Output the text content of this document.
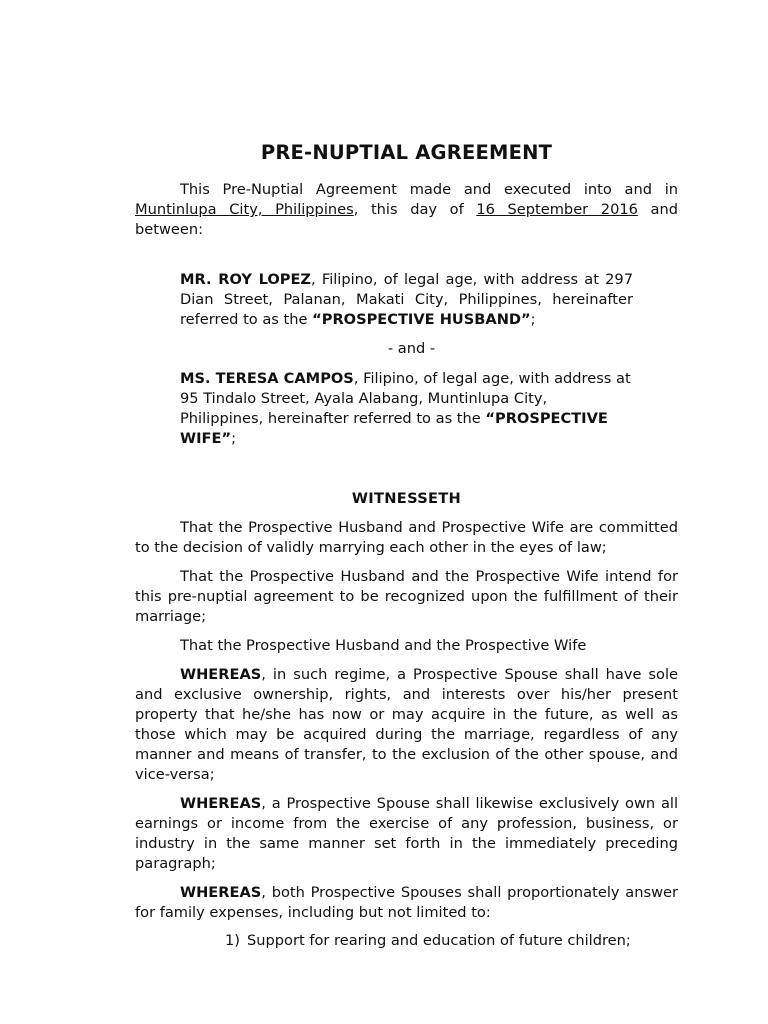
PRE-NUPTIAL AGREEMENT

This Pre-Nuptial Agreement made and executed into and in Muntinlupa City, Philippines, this day of 16 September 2016 and between:

MR. ROY LOPEZ, Filipino, of legal age, with address at 297 Dian Street, Palanan, Makati City, Philippines, hereinafter referred to as the “PROSPECTIVE HUSBAND”;

- and -

MS. TERESA CAMPOS, Filipino, of legal age, with address at 95 Tindalo Street, Ayala Alabang, Muntinlupa City, Philippines, hereinafter referred to as the “PROSPECTIVE WIFE”;

WITNESSETH

That the Prospective Husband and Prospective Wife are committed to the decision of validly marrying each other in the eyes of law;

That the Prospective Husband and the Prospective Wife intend for this pre-nuptial agreement to be recognized upon the fulfillment of their marriage;

That the Prospective Husband and the Prospective Wife

WHEREAS, in such regime, a Prospective Spouse shall have sole and exclusive ownership, rights, and interests over his/her present property that he/she has now or may acquire in the future, as well as those which may be acquired during the marriage, regardless of any manner and means of transfer, to the exclusion of the other spouse, and vice-versa;

WHEREAS, a Prospective Spouse shall likewise exclusively own all earnings or income from the exercise of any profession, business, or industry in the same manner set forth in the immediately preceding paragraph;

WHEREAS, both Prospective Spouses shall proportionately answer for family expenses, including but not limited to:

1) Support for rearing and education of future children;
